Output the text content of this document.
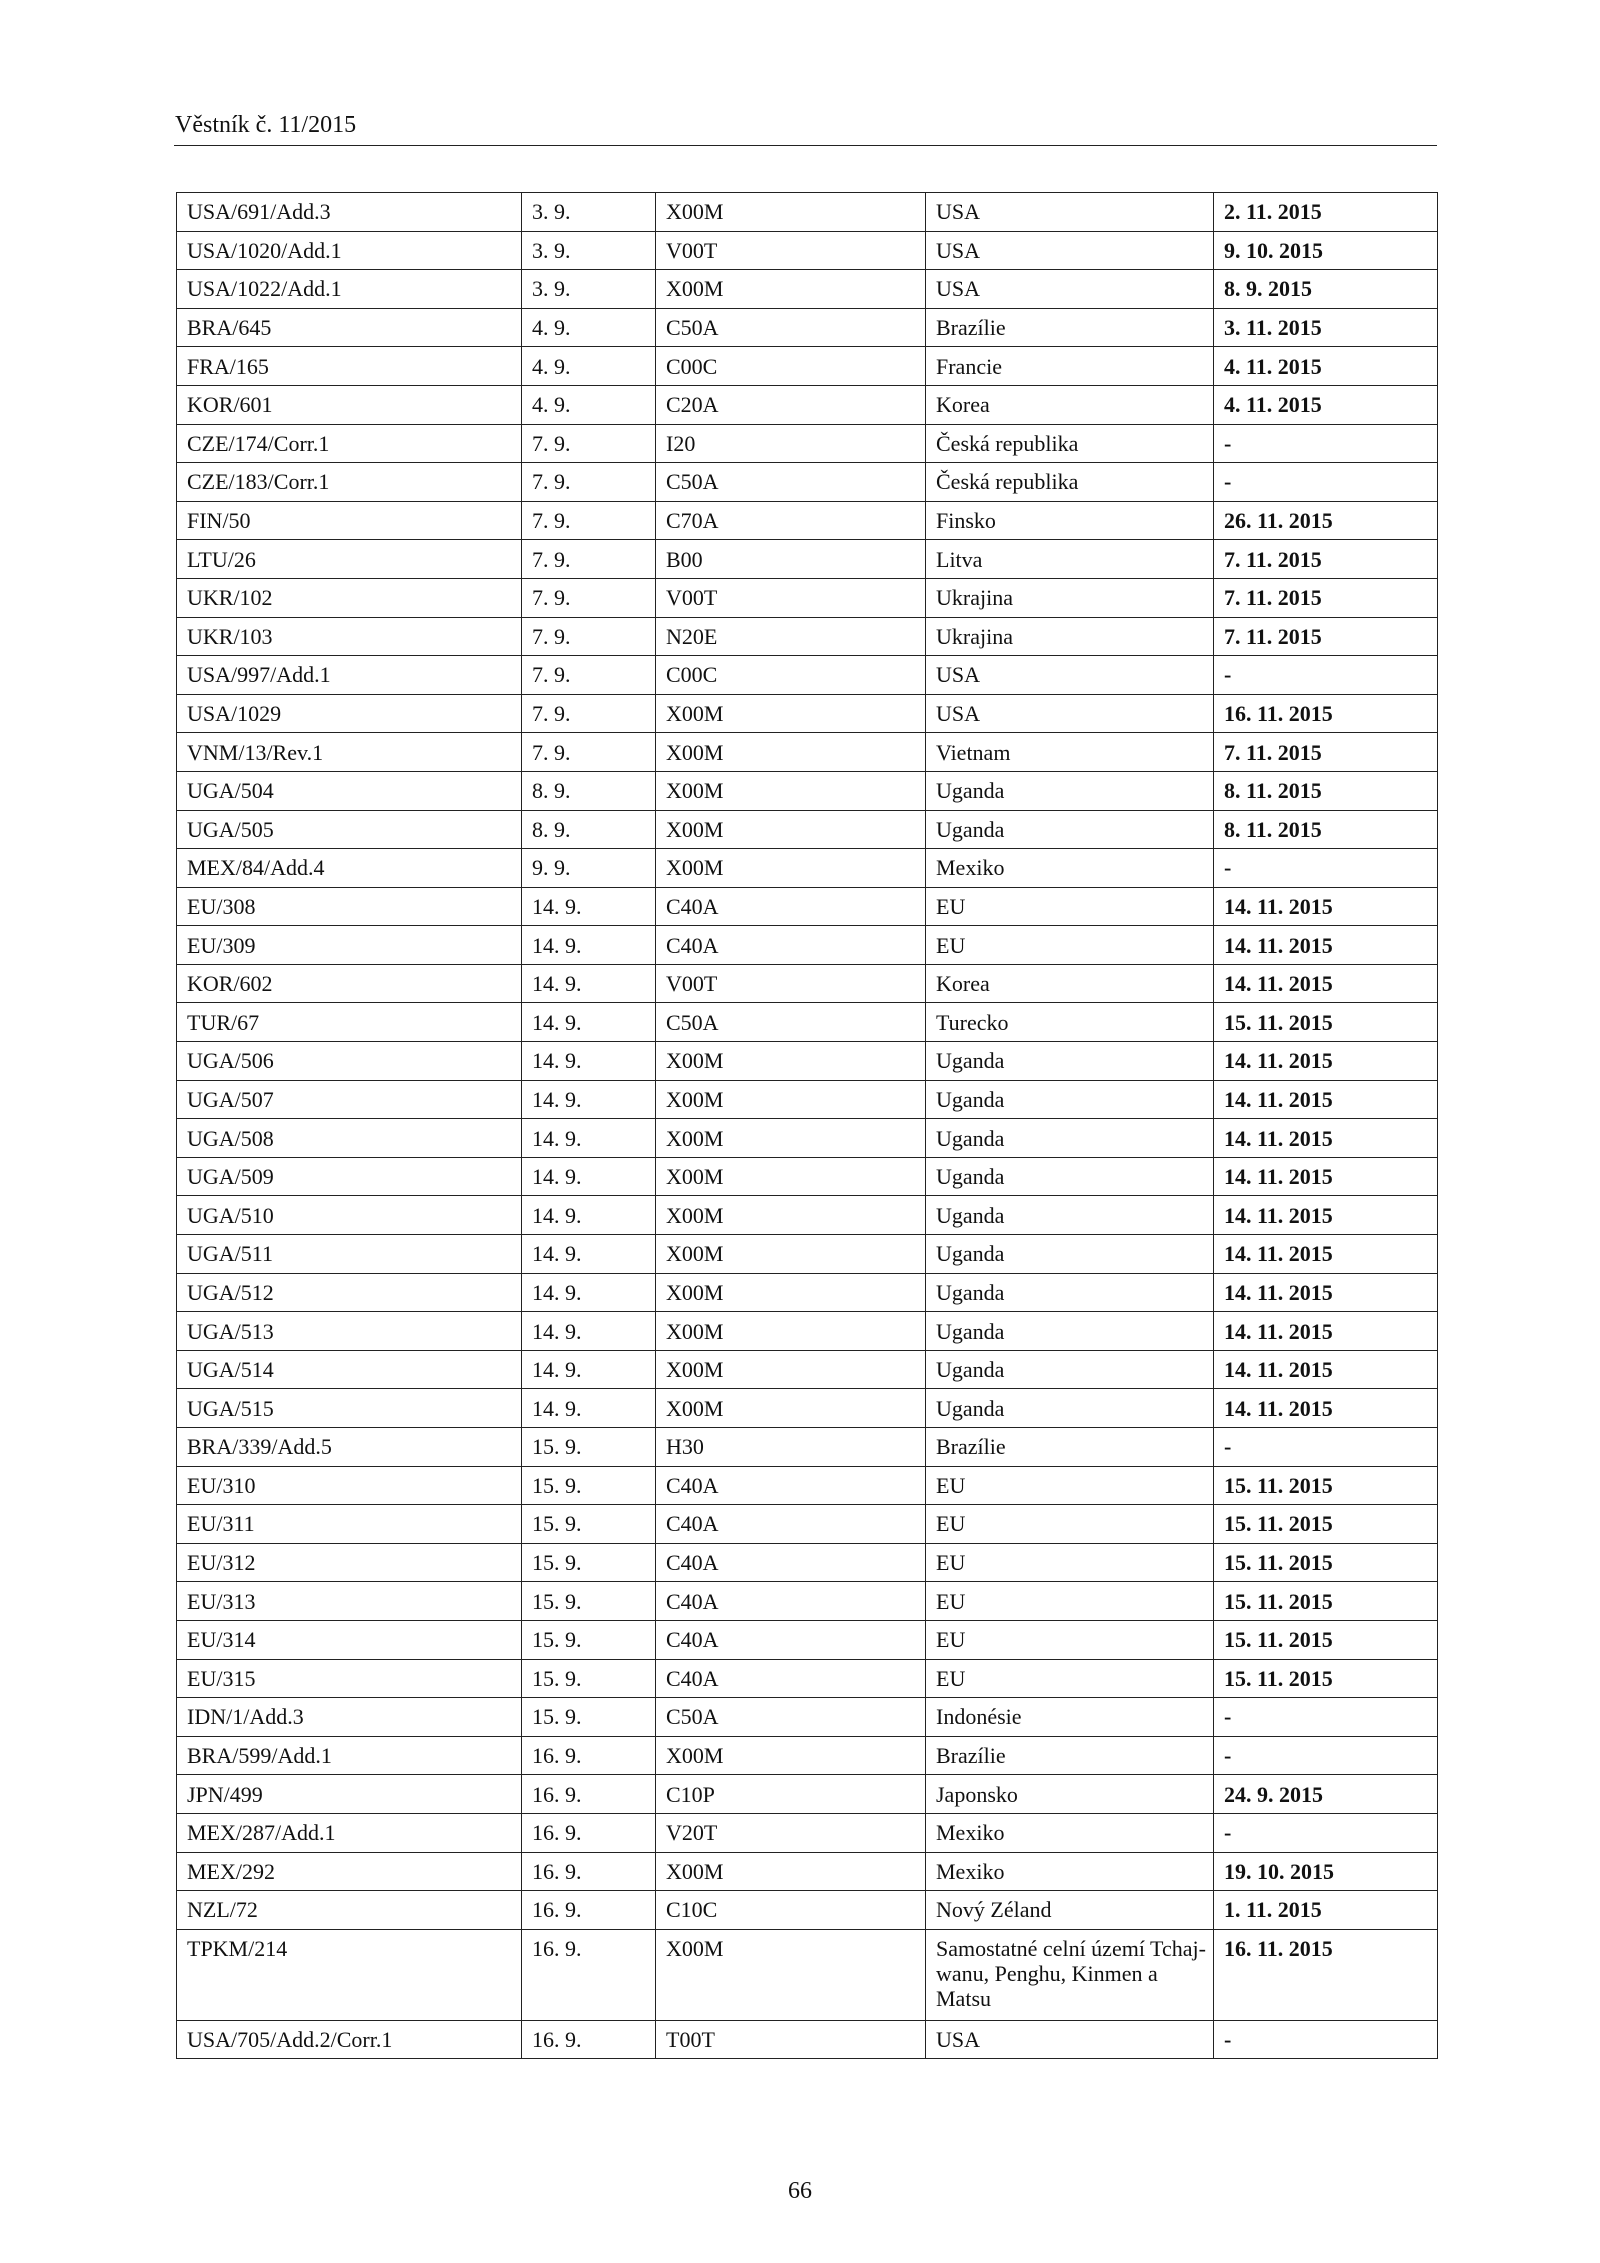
Věstník č. 11/2015
USA/691/Add.3	3. 9.	X00M	USA	2. 11. 2015
USA/1020/Add.1	3. 9.	V00T	USA	9. 10. 2015
USA/1022/Add.1	3. 9.	X00M	USA	8. 9. 2015
BRA/645	4. 9.	C50A	Brazílie	3. 11. 2015
FRA/165	4. 9.	C00C	Francie	4. 11. 2015
KOR/601	4. 9.	C20A	Korea	4. 11. 2015
CZE/174/Corr.1	7. 9.	I20	Česká republika	-
CZE/183/Corr.1	7. 9.	C50A	Česká republika	-
FIN/50	7. 9.	C70A	Finsko	26. 11. 2015
LTU/26	7. 9.	B00	Litva	7. 11. 2015
UKR/102	7. 9.	V00T	Ukrajina	7. 11. 2015
UKR/103	7. 9.	N20E	Ukrajina	7. 11. 2015
USA/997/Add.1	7. 9.	C00C	USA	-
USA/1029	7. 9.	X00M	USA	16. 11. 2015
VNM/13/Rev.1	7. 9.	X00M	Vietnam	7. 11. 2015
UGA/504	8. 9.	X00M	Uganda	8. 11. 2015
UGA/505	8. 9.	X00M	Uganda	8. 11. 2015
MEX/84/Add.4	9. 9.	X00M	Mexiko	-
EU/308	14. 9.	C40A	EU	14. 11. 2015
EU/309	14. 9.	C40A	EU	14. 11. 2015
KOR/602	14. 9.	V00T	Korea	14. 11. 2015
TUR/67	14. 9.	C50A	Turecko	15. 11. 2015
UGA/506	14. 9.	X00M	Uganda	14. 11. 2015
UGA/507	14. 9.	X00M	Uganda	14. 11. 2015
UGA/508	14. 9.	X00M	Uganda	14. 11. 2015
UGA/509	14. 9.	X00M	Uganda	14. 11. 2015
UGA/510	14. 9.	X00M	Uganda	14. 11. 2015
UGA/511	14. 9.	X00M	Uganda	14. 11. 2015
UGA/512	14. 9.	X00M	Uganda	14. 11. 2015
UGA/513	14. 9.	X00M	Uganda	14. 11. 2015
UGA/514	14. 9.	X00M	Uganda	14. 11. 2015
UGA/515	14. 9.	X00M	Uganda	14. 11. 2015
BRA/339/Add.5	15. 9.	H30	Brazílie	-
EU/310	15. 9.	C40A	EU	15. 11. 2015
EU/311	15. 9.	C40A	EU	15. 11. 2015
EU/312	15. 9.	C40A	EU	15. 11. 2015
EU/313	15. 9.	C40A	EU	15. 11. 2015
EU/314	15. 9.	C40A	EU	15. 11. 2015
EU/315	15. 9.	C40A	EU	15. 11. 2015
IDN/1/Add.3	15. 9.	C50A	Indonésie	-
BRA/599/Add.1	16. 9.	X00M	Brazílie	-
JPN/499	16. 9.	C10P	Japonsko	24. 9. 2015
MEX/287/Add.1	16. 9.	V20T	Mexiko	-
MEX/292	16. 9.	X00M	Mexiko	19. 10. 2015
NZL/72	16. 9.	C10C	Nový Zéland	1. 11. 2015
TPKM/214	16. 9.	X00M	Samostatné celní území Tchaj-wanu, Penghu, Kinmen a Matsu	16. 11. 2015
USA/705/Add.2/Corr.1	16. 9.	T00T	USA	-
66
